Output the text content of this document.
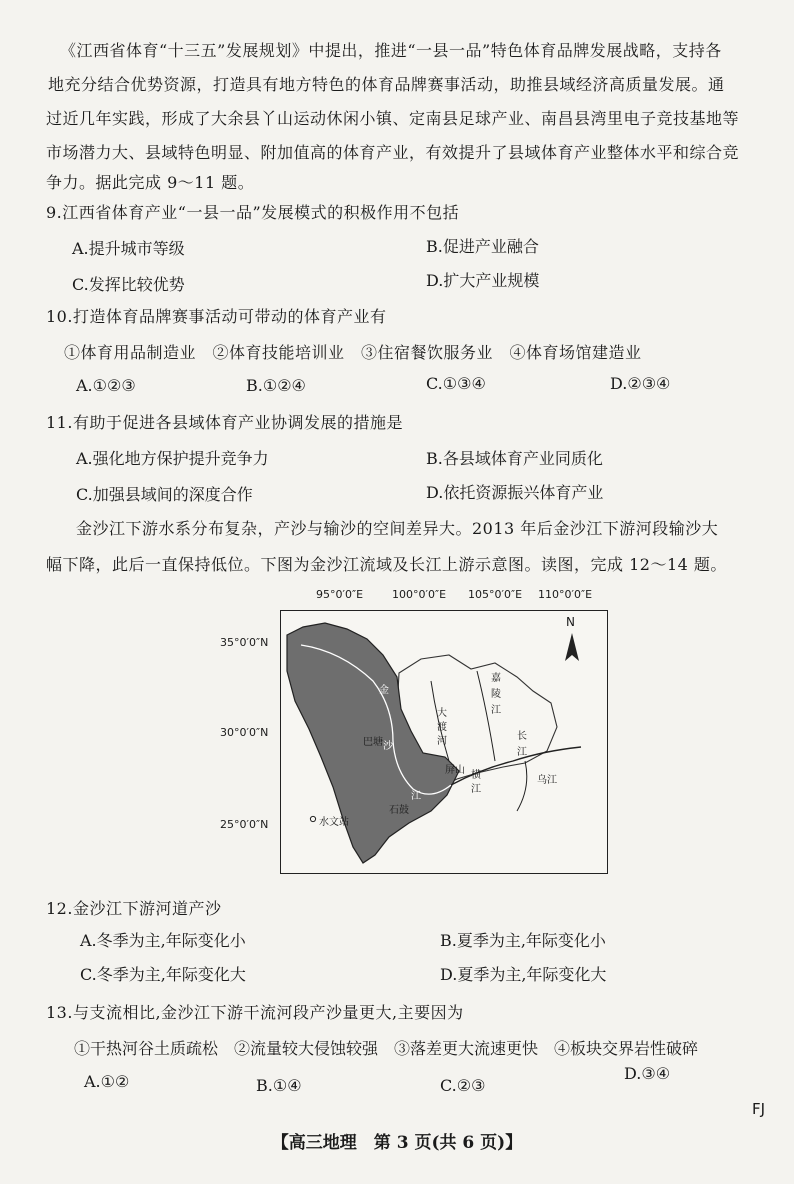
《江西省体育“十三五”发展规划》中提出，推进“一县一品”特色体育品牌发展战略，支持各
地充分结合优势资源，打造具有地方特色的体育品牌赛事活动，助推县域经济高质量发展。通
过近几年实践，形成了大余县丫山运动休闲小镇、定南县足球产业、南昌县湾里电子竞技基地等
市场潜力大、县域特色明显、附加值高的体育产业，有效提升了县域体育产业整体水平和综合竞
争力。据此完成 9～11 题。
9.江西省体育产业“一县一品”发展模式的积极作用不包括
A.提升城市等级	B.促进产业融合
C.发挥比较优势	D.扩大产业规模
10.打造体育品牌赛事活动可带动的体育产业有
①体育用品制造业　②体育技能培训业　③住宿餐饮服务业　④体育场馆建造业
A.①②③	B.①②④	C.①③④	D.②③④
11.有助于促进各县域体育产业协调发展的措施是
A.强化地方保护提升竞争力	B.各县域体育产业同质化
C.加强县域间的深度合作	D.依托资源振兴体育产业
金沙江下游水系分布复杂，产沙与输沙的空间差异大。2013 年后金沙江下游河段输沙大
幅下降，此后一直保持低位。下图为金沙江流域及长江上游示意图。读图，完成 12～14 题。
95°0′0″E	100°0′0″E 105°0′0″E 110°0′0″E
35°0′0″N
30°0′0″N
25°0′0″N
N
水文站
金
沙
江
巴塘
大渡河
嘉陵江
长江
乌江
屏山 横江
石鼓
12.金沙江下游河道产沙
A.冬季为主,年际变化小	B.夏季为主,年际变化小
C.冬季为主,年际变化大	D.夏季为主,年际变化大
13.与支流相比,金沙江下游干流河段产沙量更大,主要因为
①干热河谷土质疏松　②流量较大侵蚀较强　③落差更大流速更快　④板块交界岩性破碎
A.①②	B.①④	C.②③
D.③④
FJ
【高三地理　第 3 页(共 6 页)】
